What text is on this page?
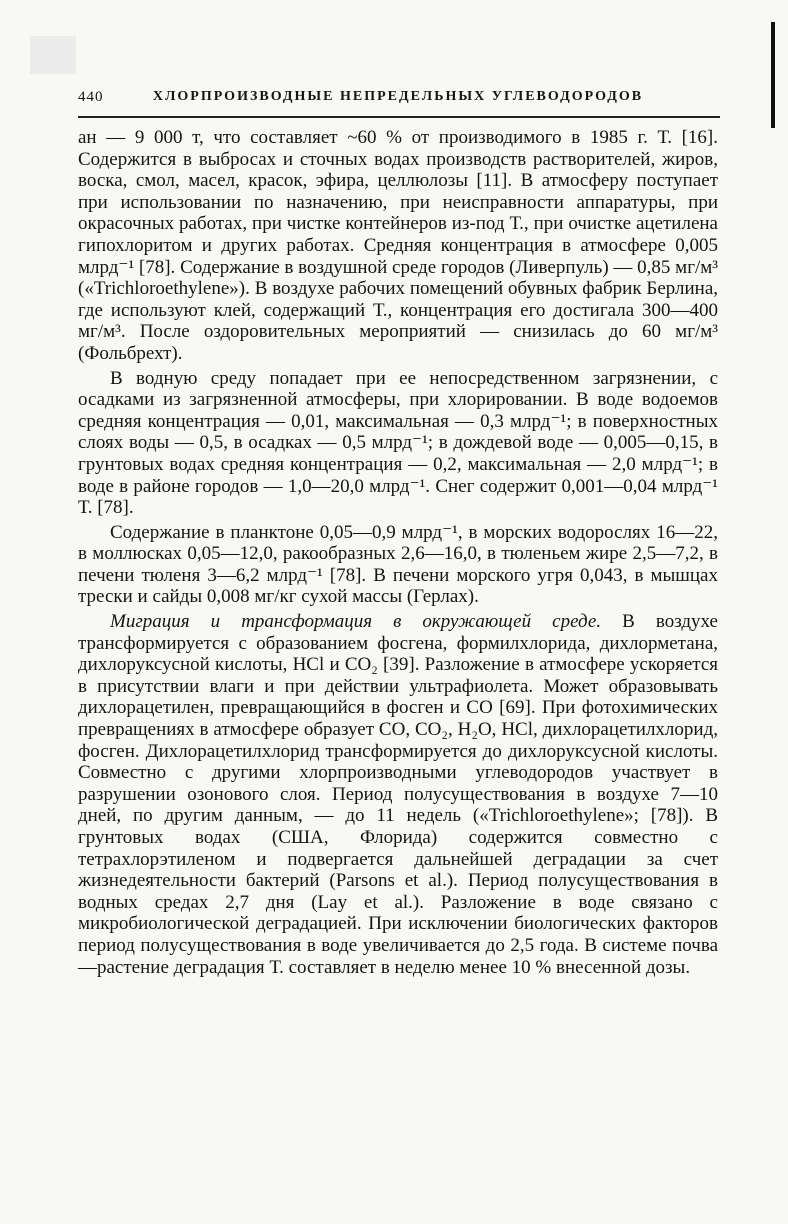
440	ХЛОРПРОИЗВОДНЫЕ НЕПРЕДЕЛЬНЫХ УГЛЕВОДОРОДОВ

ан — 9 000 т, что составляет ~60 % от производимого в 1985 г. Т. [16]. Содержится в выбросах и сточных водах производств растворителей, жиров, воска, смол, масел, красок, эфира, целлюлозы [11]. В атмосферу поступает при использовании по назначению, при неисправности аппаратуры, при окрасочных работах, при чистке контейнеров из-под Т., при очистке ацетилена гипохлоритом и других работах. Средняя концентрация в атмосфере 0,005 млрд⁻¹ [78]. Содержание в воздушной среде городов (Ливерпуль) — 0,85 мг/м³ («Trichloroethylene»). В воздухе рабочих помещений обувных фабрик Берлина, где используют клей, содержащий Т., концентрация его достигала 300—400 мг/м³. После оздоровительных мероприятий — снизилась до 60 мг/м³ (Фольбрехт).

В водную среду попадает при ее непосредственном загрязнении, с осадками из загрязненной атмосферы, при хлорировании. В воде водоемов средняя концентрация — 0,01, максимальная — 0,3 млрд⁻¹; в поверхностных слоях воды — 0,5, в осадках — 0,5 млрд⁻¹; в дождевой воде — 0,005—0,15, в грунтовых водах средняя концентрация — 0,2, максимальная — 2,0 млрд⁻¹; в воде в районе городов — 1,0—20,0 млрд⁻¹. Снег содержит 0,001—0,04 млрд⁻¹ Т. [78].

Содержание в планктоне 0,05—0,9 млрд⁻¹, в морских водорослях 16—22, в моллюсках 0,05—12,0, ракообразных 2,6—16,0, в тюленьем жире 2,5—7,2, в печени тюленя 3—6,2 млрд⁻¹ [78]. В печени морского угря 0,043, в мышцах трески и сайды 0,008 мг/кг сухой массы (Герлах).

Миграция и трансформация в окружающей среде. В воздухе трансформируется с образованием фосгена, формилхлорида, дихлорметана, дихлоруксусной кислоты, HCl и CO₂ [39]. Разложение в атмосфере ускоряется в присутствии влаги и при действии ультрафиолета. Может образовывать дихлорацетилен, превращающийся в фосген и CO [69]. При фотохимических превращениях в атмосфере образует CO, CO₂, H₂O, HCl, дихлорацетилхлорид, фосген. Дихлорацетилхлорид трансформируется до дихлоруксусной кислоты. Совместно с другими хлорпроизводными углеводородов участвует в разрушении озонового слоя. Период полусуществования в воздухе 7—10 дней, по другим данным, — до 11 недель («Trichloroethylene»; [78]). В грунтовых водах (США, Флорида) содержится совместно с тетрахлорэтиленом и подвергается дальнейшей деградации за счет жизнедеятельности бактерий (Parsons et al.). Период полусуществования в водных средах 2,7 дня (Lay et al.). Разложение в воде связано с микробиологической деградацией. При исключении биологических факторов период полусуществования в воде увеличивается до 2,5 года. В системе почва—растение деградация Т. составляет в неделю менее 10 % внесенной дозы.
